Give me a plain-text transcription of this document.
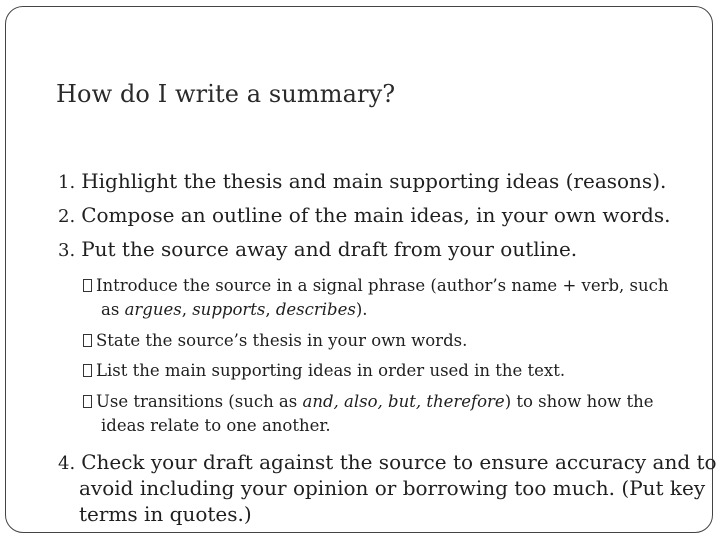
How do I write a summary?
1. Highlight the thesis and main supporting ideas (reasons).
2. Compose an outline of the main ideas, in your own words.
3. Put the source away and draft from your outline.
Introduce the source in a signal phrase (author’s name + verb, such
as argues, supports, describes).
State the source’s thesis in your own words.
List the main supporting ideas in order used in the text.
Use transitions (such as and, also, but, therefore) to show how the
ideas relate to one another.
4. Check your draft against the source to ensure accuracy and to
avoid including your opinion or borrowing too much. (Put key
terms in quotes.)
